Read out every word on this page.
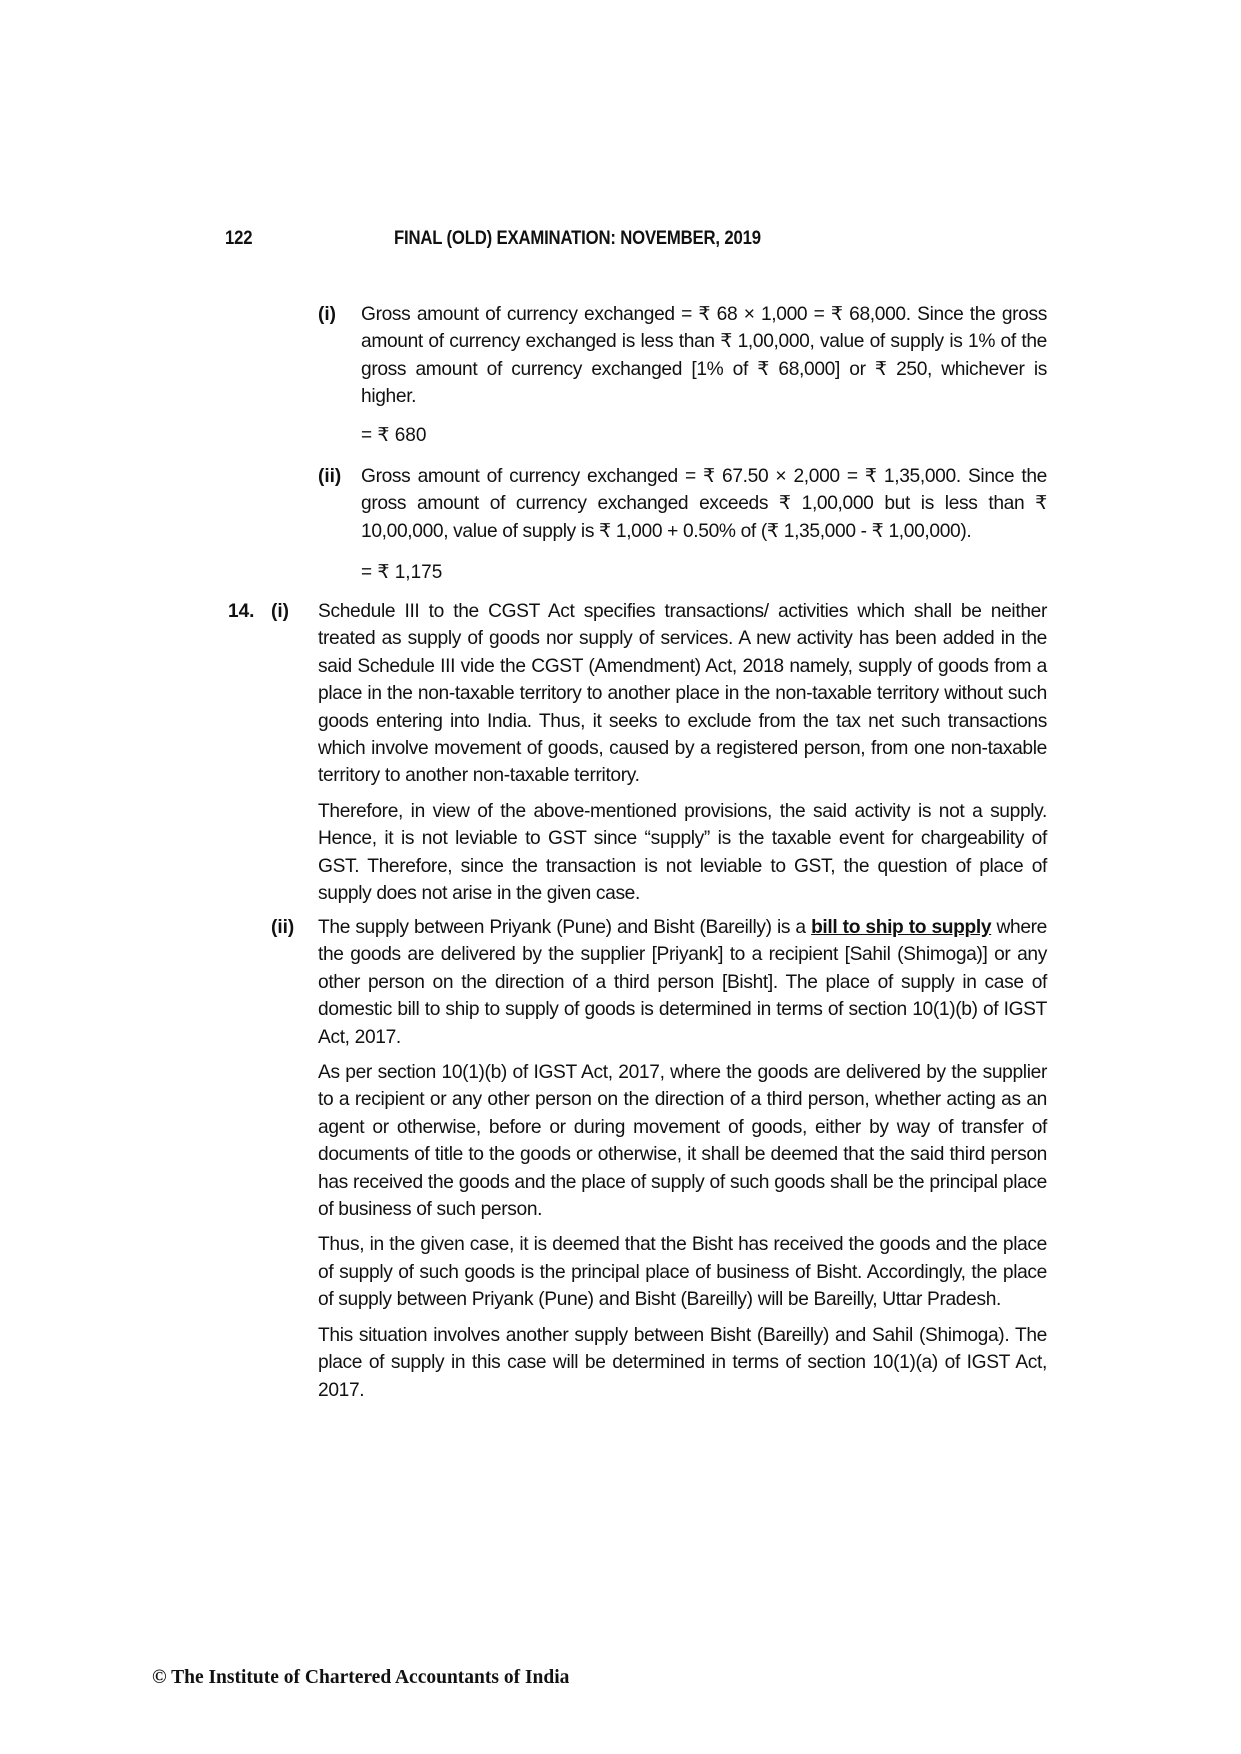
122	FINAL (OLD) EXAMINATION: NOVEMBER, 2019
(i) Gross amount of currency exchanged = ₹ 68 × 1,000 = ₹ 68,000. Since the gross amount of currency exchanged is less than ₹ 1,00,000, value of supply is 1% of the gross amount of currency exchanged [1% of ₹ 68,000] or ₹ 250, whichever is higher.

= ₹ 680
(ii) Gross amount of currency exchanged = ₹ 67.50 × 2,000 = ₹ 1,35,000. Since the gross amount of currency exchanged exceeds ₹ 1,00,000 but is less than ₹ 10,00,000, value of supply is ₹ 1,000 + 0.50% of (₹ 1,35,000 - ₹ 1,00,000).

= ₹ 1,175
14. (i) Schedule III to the CGST Act specifies transactions/ activities which shall be neither treated as supply of goods nor supply of services. A new activity has been added in the said Schedule III vide the CGST (Amendment) Act, 2018 namely, supply of goods from a place in the non-taxable territory to another place in the non-taxable territory without such goods entering into India. Thus, it seeks to exclude from the tax net such transactions which involve movement of goods, caused by a registered person, from one non-taxable territory to another non-taxable territory.

Therefore, in view of the above-mentioned provisions, the said activity is not a supply. Hence, it is not leviable to GST since “supply” is the taxable event for chargeability of GST. Therefore, since the transaction is not leviable to GST, the question of place of supply does not arise in the given case.

(ii) The supply between Priyank (Pune) and Bisht (Bareilly) is a bill to ship to supply where the goods are delivered by the supplier [Priyank] to a recipient [Sahil (Shimoga)] or any other person on the direction of a third person [Bisht]. The place of supply in case of domestic bill to ship to supply of goods is determined in terms of section 10(1)(b) of IGST Act, 2017.

As per section 10(1)(b) of IGST Act, 2017, where the goods are delivered by the supplier to a recipient or any other person on the direction of a third person, whether acting as an agent or otherwise, before or during movement of goods, either by way of transfer of documents of title to the goods or otherwise, it shall be deemed that the said third person has received the goods and the place of supply of such goods shall be the principal place of business of such person.

Thus, in the given case, it is deemed that the Bisht has received the goods and the place of supply of such goods is the principal place of business of Bisht. Accordingly, the place of supply between Priyank (Pune) and Bisht (Bareilly) will be Bareilly, Uttar Pradesh.

This situation involves another supply between Bisht (Bareilly) and Sahil (Shimoga). The place of supply in this case will be determined in terms of section 10(1)(a) of IGST Act, 2017.

© The Institute of Chartered Accountants of India
